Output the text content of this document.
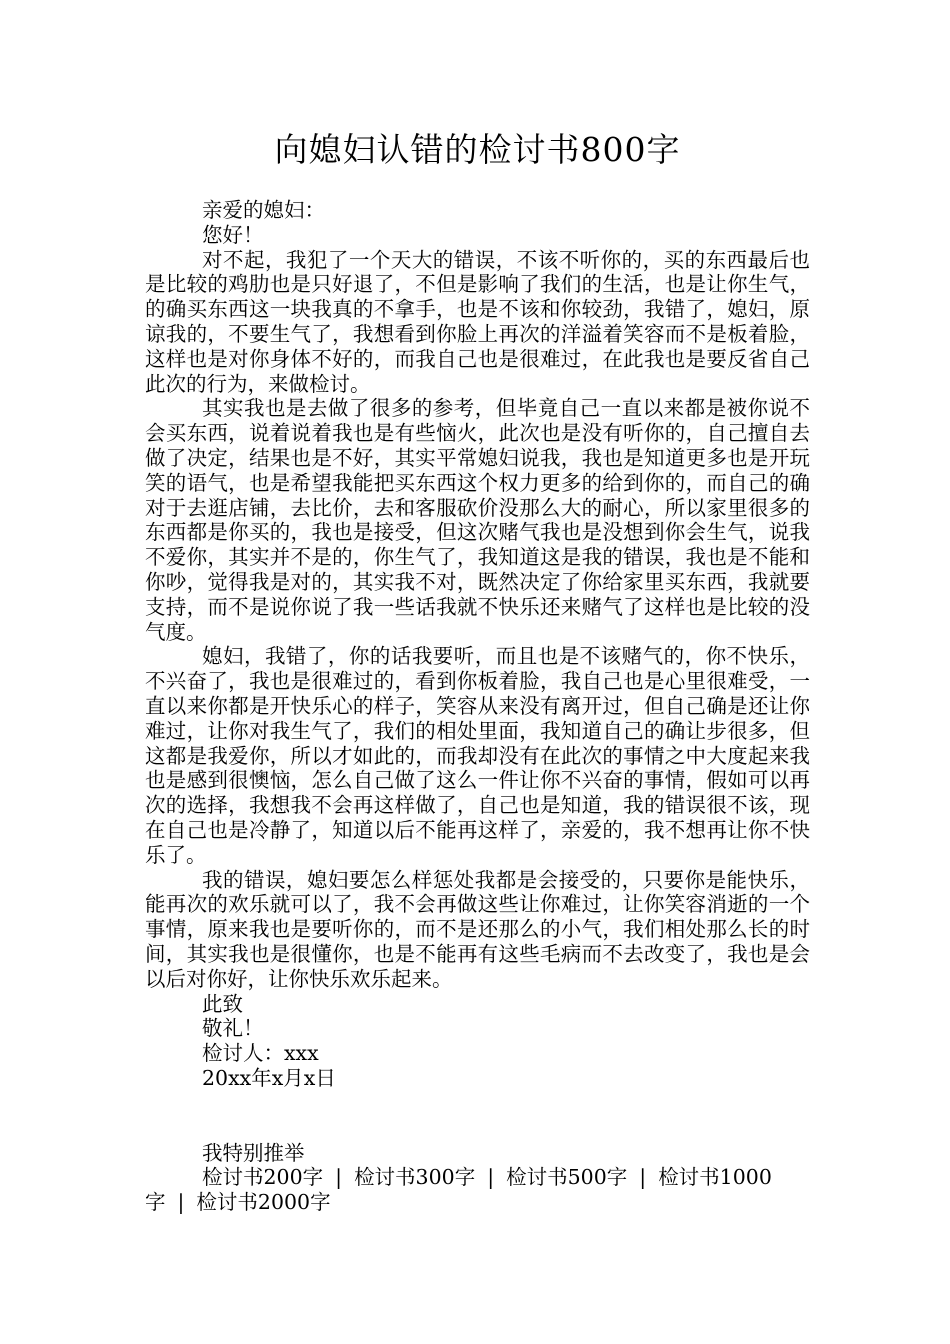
向媳妇认错的检讨书800字

亲爱的媳妇：

您好！

对不起，我犯了一个天大的错误，不该不听你的，买的东西最后也是比较的鸡肋也是只好退了，不但是影响了我们的生活，也是让你生气，的确买东西这一块我真的不拿手，也是不该和你较劲，我错了，媳妇，原谅我的，不要生气了，我想看到你脸上再次的洋溢着笑容而不是板着脸，这样也是对你身体不好的，而我自己也是很难过，在此我也是要反省自己此次的行为，来做检讨。

其实我也是去做了很多的参考，但毕竟自己一直以来都是被你说不会买东西，说着说着我也是有些恼火，此次也是没有听你的，自己擅自去做了决定，结果也是不好，其实平常媳妇说我，我也是知道更多也是开玩笑的语气，也是希望我能把买东西这个权力更多的给到你的，而自己的确对于去逛店铺，去比价，去和客服砍价没那么大的耐心，所以家里很多的东西都是你买的，我也是接受，但这次赌气我也是没想到你会生气，说我不爱你，其实并不是的，你生气了，我知道这是我的错误，我也是不能和你吵，觉得我是对的，其实我不对，既然决定了你给家里买东西，我就要支持，而不是说你说了我一些话我就不快乐还来赌气了这样也是比较的没气度。

媳妇，我错了，你的话我要听，而且也是不该赌气的，你不快乐，不兴奋了，我也是很难过的，看到你板着脸，我自己也是心里很难受，一直以来你都是开快乐心的样子，笑容从来没有离开过，但自己确是还让你难过，让你对我生气了，我们的相处里面，我知道自己的确让步很多，但这都是我爱你，所以才如此的，而我却没有在此次的事情之中大度起来我也是感到很懊恼，怎么自己做了这么一件让你不兴奋的事情，假如可以再次的选择，我想我不会再这样做了，自己也是知道，我的错误很不该，现在自己也是冷静了，知道以后不能再这样了，亲爱的，我不想再让你不快乐了。

我的错误，媳妇要怎么样惩处我都是会接受的，只要你是能快乐，能再次的欢乐就可以了，我不会再做这些让你难过，让你笑容消逝的一个事情，原来我也是要听你的，而不是还那么的小气，我们相处那么长的时间，其实我也是很懂你，也是不能再有这些毛病而不去改变了，我也是会以后对你好，让你快乐欢乐起来。

此致

敬礼！

检讨人：xxx

20xx年x月x日

我特别推举

检讨书200字 | 检讨书300字 | 检讨书500字 | 检讨书1000字 | 检讨书2000字
